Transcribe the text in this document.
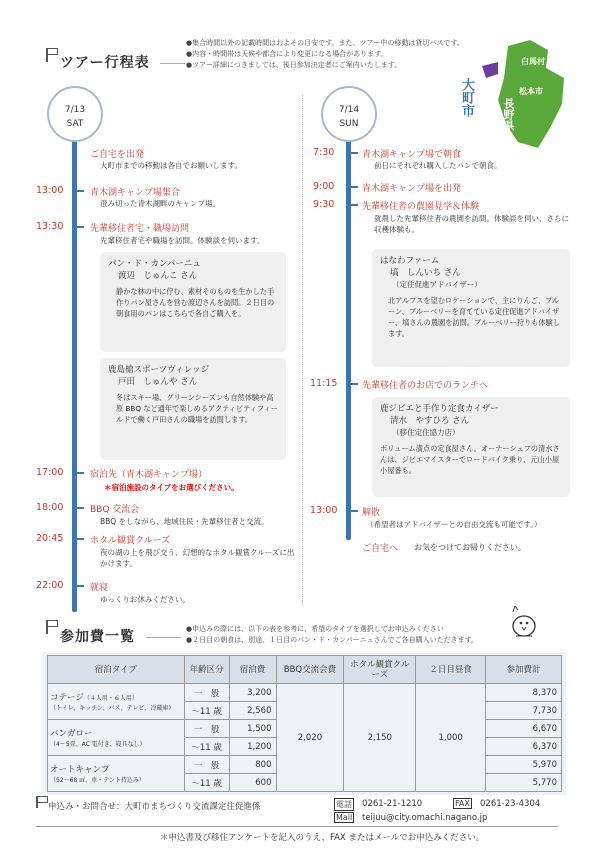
ツアー行程表
●集合時間以外の記載時間はおよその目安です。また、ツアー中の移動は貸切バスです。
●内容・時間帯は天候や都合により変更になる場合があります。
●ツアー詳細につきましては、後日参加決定者にご案内いたします。	白馬村
松本市
大町市	長野県
7/13
SAT
ご自宅を出発
大町市までの移動は各自でお願いします。
13:00	青木湖キャンプ場集合
澄み切った青木湖畔のキャンプ場。
13:30	先輩移住者宅・職場訪問
先輩移住者宅や職場を訪問。体験談を伺います。
パン・ド・カンパーニュ
渡辺　じゅんこ さん
静かな林の中に佇む、素材そのものを生かした手作りパン屋さんを営む渡辺さんを訪問。２日目の朝食用のパンはこちらで各自ご購入を。
鹿島槍スポーツヴィレッジ
戸田　しゅんや さん
冬はスキー場、グリーンシーズンも自然体験や高原 BBQ など通年で楽しめるアクティビティフィールドで働く戸田さんの職場を訪問します。
17:00	宿泊先（青木湖キャンプ場）
＊宿泊施設のタイプをお選びください。
18:00	BBQ 交流会
BBQ をしながら、地域住民・先輩移住者と交流。
20:45	ホタル観賞クルーズ
夜の湖の上を飛び交う、幻想的なホタル観賞クルーズに出かけます。
22:00	就寝
ゆっくりお休みください。
7/14
SUN
7:30	青木湖キャンプ場で朝食
前日にそれぞれ購入したパンで朝食。
9:00	青木湖キャンプ場を出発
9:30	先輩移住者の農園見学＆体験
就農した先輩移住者の農園を訪問。体験談を伺い、さらに収穫体験も。
はなわファーム
塙　しんいち さん
（定住促進アドバイザー）
北アルプスを望むロケーションで、主にりんご、プルーン、ブルーベリーを育てている定住促進アドバイザー、塙さんの農園を訪問。ブルーベリー狩りも体験します。
11:15	先輩移住者のお店でのランチへ
鹿ジビエと手作り定食カイザー
清水　やすひろ さん
（移住定住協力店）
ボリューム満点の定食屋さん。オーナーシェフの清水さんは、ジビエマイスターでロードバイク乗り、元山小屋小屋番も。
13:00	解散
（希望者はアドバイザーとの自由交流も可能です。）
ご自宅へ お気をつけてお帰りください。
参加費一覧	●申込みの際には、以下の表を参考に、希望のタイプを選択してお申込みください
●２日目の朝食は、別途、１日目のパン・ド・カンパーニュさんでご各自購入いただきます。
宿泊タイプ	年齢区分	宿泊費	BBQ交流会費	ホタル観賞クルーズ	２日目昼食	参加費計

コテージ（４人用・６人用）
（トイレ、キッチン、バス、テレビ、冷蔵庫）	一　般	3,200	2,020	2,150	1,000	8,370
	〜11 歳	2,560				7,730

バンガロー
（4〜5畳、AC 電付き、寝具なし）	一　般	1,500				6,670
	〜11 歳	1,200				6,370

オートキャンプ
（52〜68 ㎡、車・テント持込み）	一　般	800				5,970
	〜11 歳	600				5,770
申込み・お問合せ：大町市まちづくり交流課定住促進係	電話 0261-21-1210	FAX 0261-23-4304
Mail teijuu@city.omachi.nagano.jp
＊申込書及び移住アンケートを記入のうえ、FAX またはメールでお申込みください。
